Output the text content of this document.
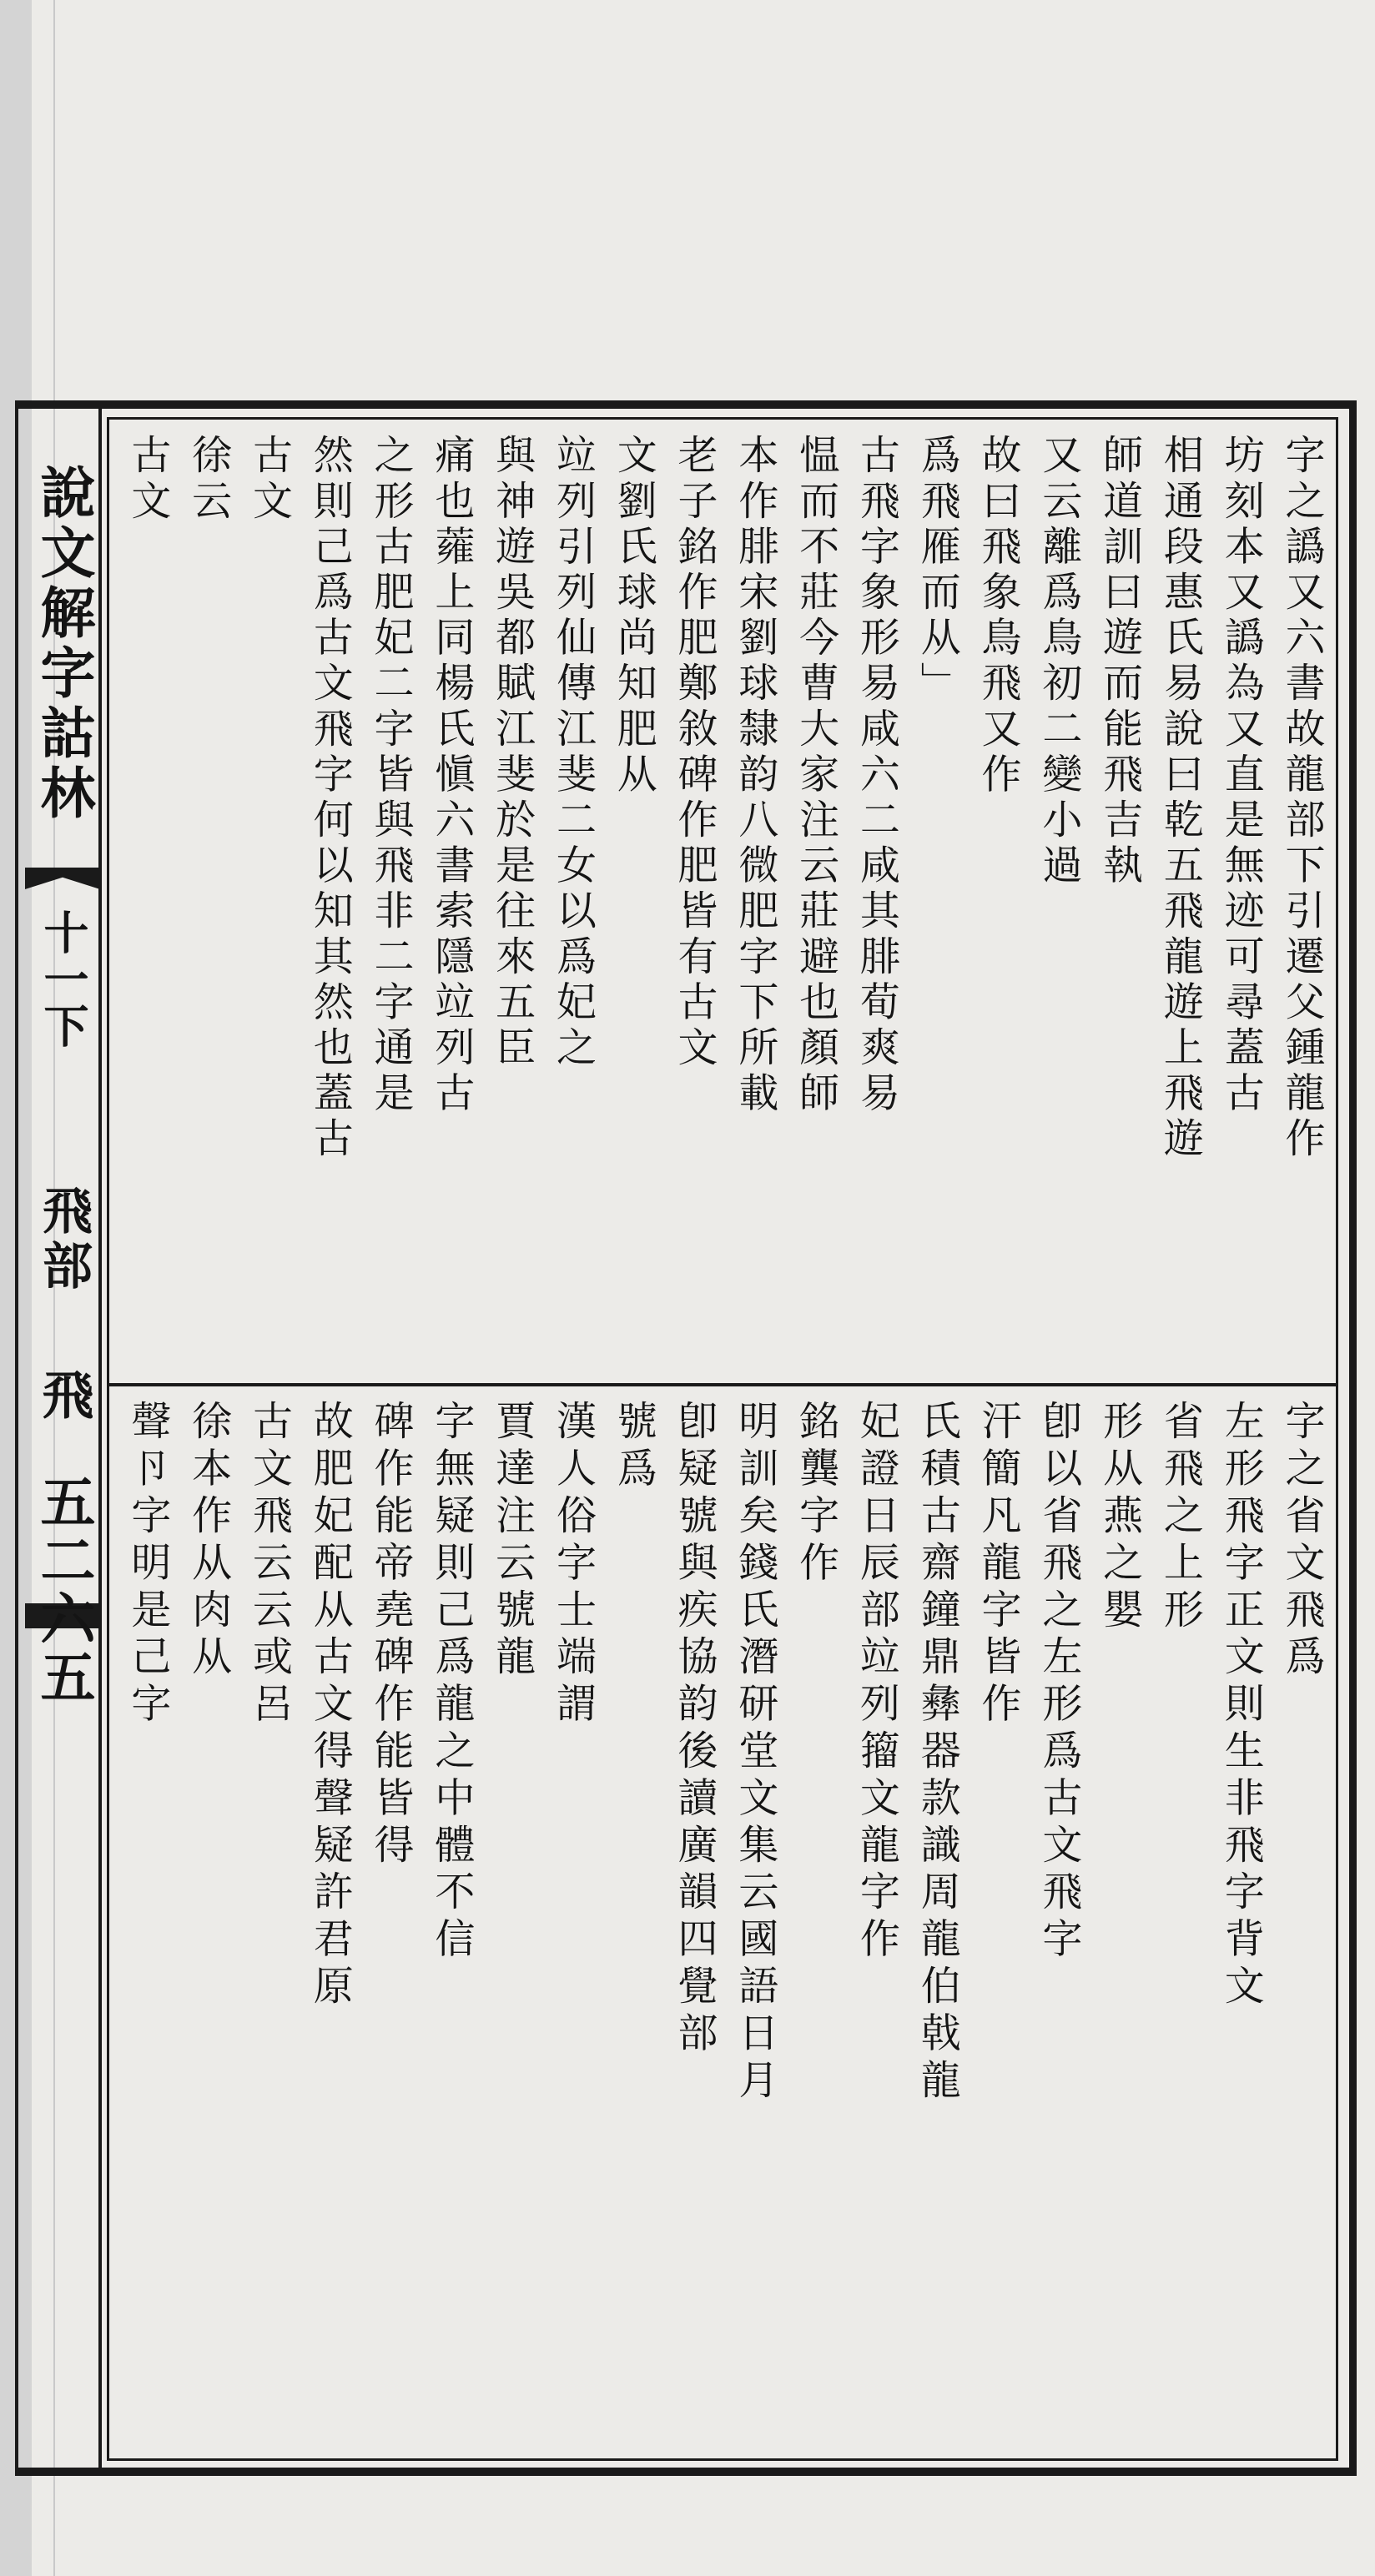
說文解字詁林
十一下
飛部
飛
五二六五
字之譌又六書故龍部下引遷父鍾龍作
坊刻本又譌為又直是無迹可尋蓋古
相通段惠氏易說曰乾五飛龍遊上飛遊
師道訓曰遊而能飛吉執
又云離爲鳥初二變小過
故曰飛象鳥飛又作
爲飛雁而从」
古飛字象形易咸六二咸其腓荀爽易
愠而不莊今曹大家注云莊避也顏師
本作腓宋劉球隸韵八微肥字下所載
老子銘作肥鄭敘碑作肥皆有古文
文劉氏球尚知肥从
竝列引列仙傳江斐二女以爲妃之
與神遊吳都賦江斐於是往來五臣
痛也蕹上同楊氏愼六書索隱竝列古
之形古肥妃二字皆與飛非二字通是
然則己爲古文飛字何以知其然也蓋古
古文
徐云
古文
字之省文飛爲
左形飛字正文則生非飛字背文
省飛之上形
形从燕之嬰
卽以省飛之左形爲古文飛字
汗簡凡龍字皆作
氏積古齋鐘鼎彝器款識周龍伯戟龍
妃證日辰部竝列籀文龍字作
銘龔字作
明訓矣錢氏潛研堂文集云國語日月
卽疑號與疾協韵後讀廣韻四覺部
號爲
漢人俗字士端謂
賈達注云號龍
字無疑則己爲龍之中體不信
碑作能帝堯碑作能皆得
故肥妃配从古文得聲疑許君原
古文飛云云或呂
徐本作从肉从
聲卪字明是己字
